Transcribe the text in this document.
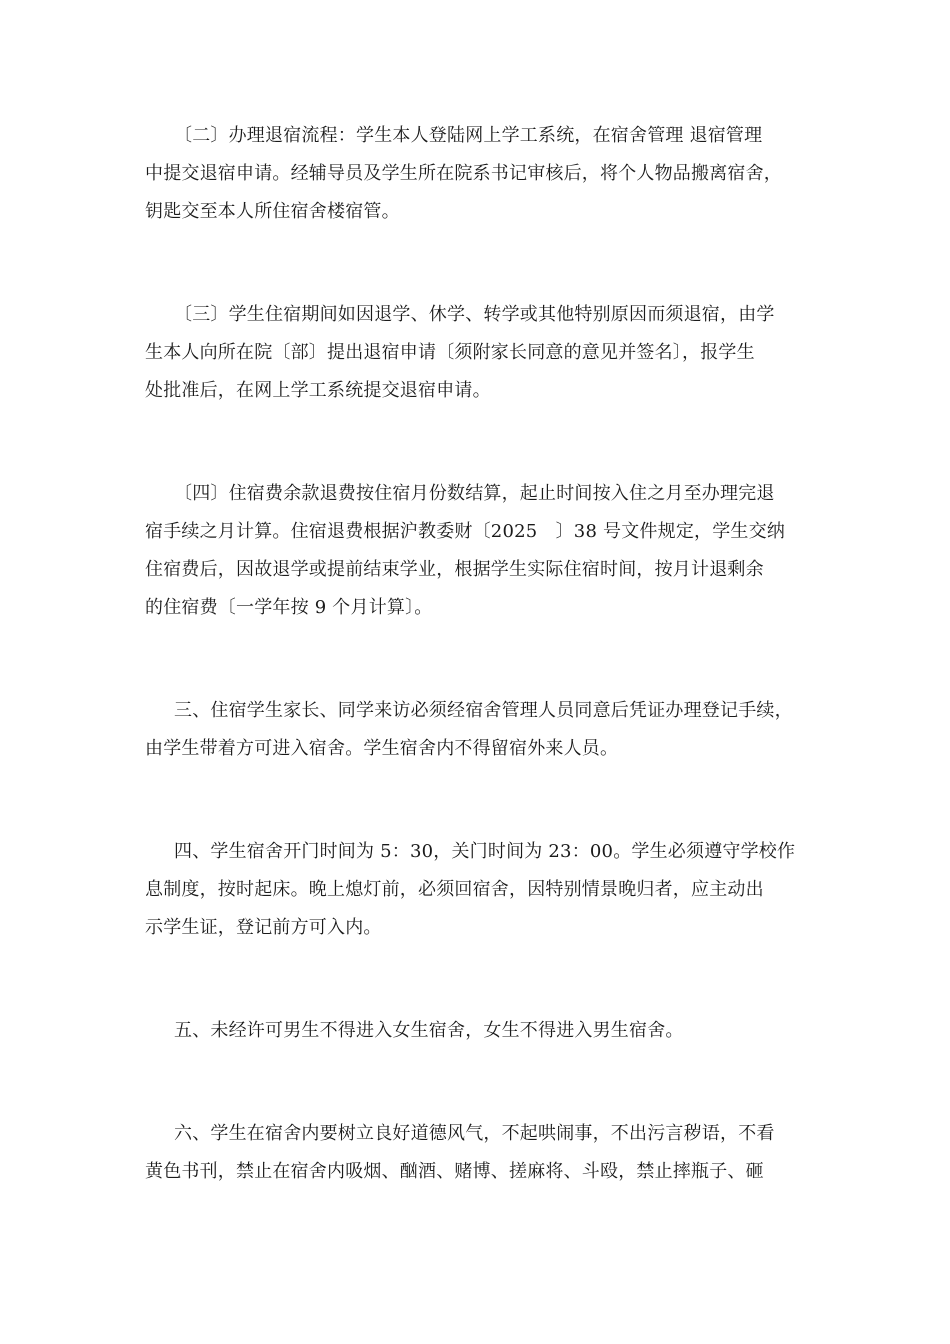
〔二〕办理退宿流程：学生本人登陆网上学工系统，在宿舍管理 退宿管理
中提交退宿申请。经辅导员及学生所在院系书记审核后，将个人物品搬离宿舍，
钥匙交至本人所住宿舍楼宿管。
〔三〕学生住宿期间如因退学、休学、转学或其他特别原因而须退宿，由学
生本人向所在院〔部〕提出退宿申请〔须附家长同意的意见并签名〕，报学生
处批准后，在网上学工系统提交退宿申请。
〔四〕住宿费余款退费按住宿月份数结算，起止时间按入住之月至办理完退
宿手续之月计算。住宿退费根据沪教委财〔2025　〕38 号文件规定，学生交纳
住宿费后，因故退学或提前结束学业，根据学生实际住宿时间，按月计退剩余
的住宿费〔一学年按 9 个月计算〕。
三、住宿学生家长、同学来访必须经宿舍管理人员同意后凭证办理登记手续，
由学生带着方可进入宿舍。学生宿舍内不得留宿外来人员。
四、学生宿舍开门时间为 5：30，关门时间为 23：00。学生必须遵守学校作
息制度，按时起床。晚上熄灯前，必须回宿舍，因特别情景晚归者，应主动出
示学生证，登记前方可入内。
五、未经许可男生不得进入女生宿舍，女生不得进入男生宿舍。
六、学生在宿舍内要树立良好道德风气，不起哄闹事，不出污言秽语，不看
黄色书刊，禁止在宿舍内吸烟、酗酒、赌博、搓麻将、斗殴，禁止摔瓶子、砸
